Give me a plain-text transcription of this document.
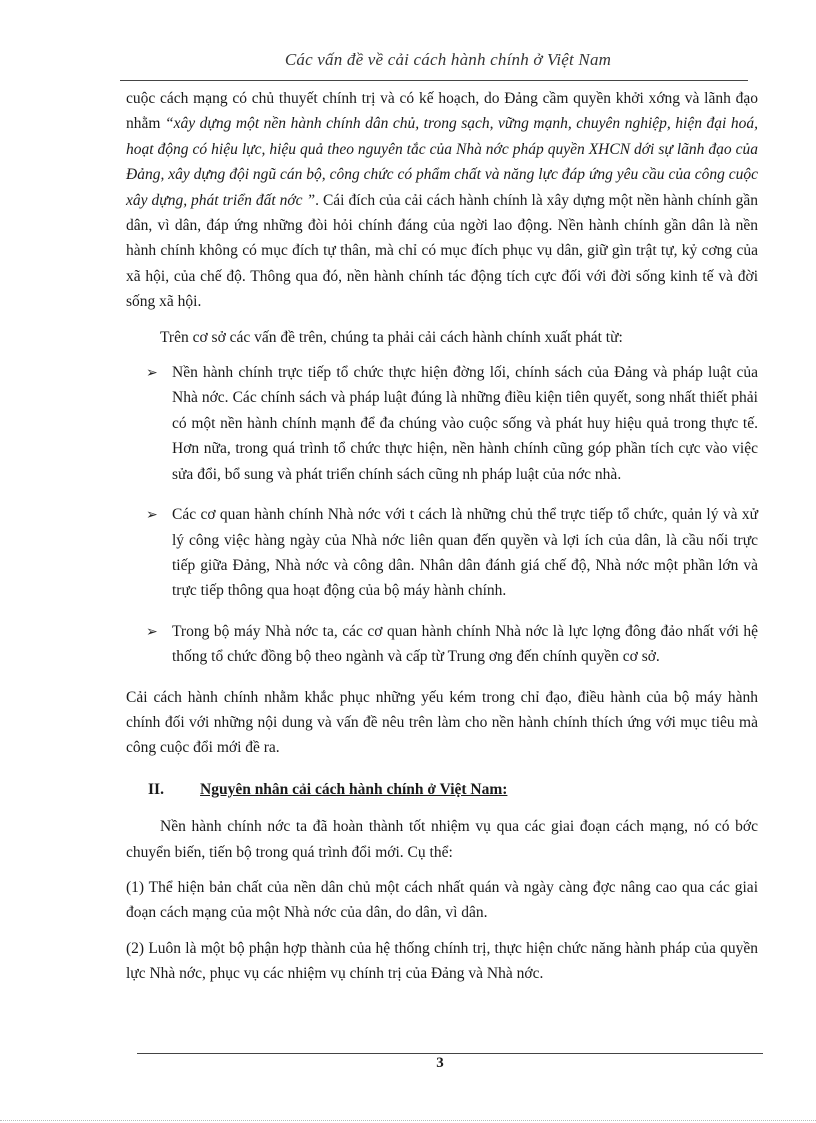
Các vấn đề về cải cách hành chính ở Việt Nam

cuộc cách mạng có chủ thuyết chính trị và có kế hoạch, do Đảng cầm quyền khởi xớng và lãnh đạo nhằm “xây dựng một nền hành chính dân chủ, trong sạch, vững mạnh, chuyên nghiệp, hiện đại hoá, hoạt động có hiệu lực, hiệu quả theo nguyên tắc của Nhà nớc pháp quyền XHCN dới sự lãnh đạo của Đảng, xây dựng đội ngũ cán bộ, công chức có phẩm chất và năng lực đáp ứng yêu cầu của công cuộc xây dựng, phát triển đất nớc ”. Cái đích của cải cách hành chính là xây dựng một nền hành chính gần dân, vì dân, đáp ứng những đòi hỏi chính đáng của ngời lao động. Nền hành chính gần dân là nền hành chính không có mục đích tự thân, mà chỉ có mục đích phục vụ dân, giữ gìn trật tự, kỷ cơng của xã hội, của chế độ. Thông qua đó, nền hành chính tác động tích cực đối với đời sống kinh tế và đời sống xã hội.

Trên cơ sở các vấn đề trên, chúng ta phải cải cách hành chính xuất phát từ:

➢ Nền hành chính trực tiếp tổ chức thực hiện đờng lối, chính sách của Đảng và pháp luật của Nhà nớc. Các chính sách và pháp luật đúng là những điều kiện tiên quyết, song nhất thiết phải có một nền hành chính mạnh để đa chúng vào cuộc sống và phát huy hiệu quả trong thực tế. Hơn nữa, trong quá trình tổ chức thực hiện, nền hành chính cũng góp phần tích cực vào việc sửa đổi, bổ sung và phát triển chính sách cũng nh pháp luật của nớc nhà.
➢ Các cơ quan hành chính Nhà nớc với t cách là những chủ thể trực tiếp tổ chức, quản lý và xử lý công việc hàng ngày của Nhà nớc liên quan đến quyền và lợi ích của dân, là cầu nối trực tiếp giữa Đảng, Nhà nớc và công dân. Nhân dân đánh giá chế độ, Nhà nớc một phần lớn và trực tiếp thông qua hoạt động của bộ máy hành chính.
➢ Trong bộ máy Nhà nớc ta, các cơ quan hành chính Nhà nớc là lực lợng đông đảo nhất với hệ thống tổ chức đồng bộ theo ngành và cấp từ Trung ơng đến chính quyền cơ sở.

Cải cách hành chính nhằm khắc phục những yếu kém trong chỉ đạo, điều hành của bộ máy hành chính đối với những nội dung và vấn đề nêu trên làm cho nền hành chính thích ứng với mục tiêu mà công cuộc đổi mới đề ra.

II.	Nguyên nhân cải cách hành chính ở Việt Nam:

Nền hành chính nớc ta đã hoàn thành tốt nhiệm vụ qua các giai đoạn cách mạng, nó có bớc chuyển biến, tiến bộ trong quá trình đổi mới. Cụ thể:

(1) Thể hiện bản chất của nền dân chủ một cách nhất quán và ngày càng đợc nâng cao qua các giai đoạn cách mạng của một Nhà nớc của dân, do dân, vì dân.

(2) Luôn là một bộ phận hợp thành của hệ thống chính trị, thực hiện chức năng hành pháp của quyền lực Nhà nớc, phục vụ các nhiệm vụ chính trị của Đảng và Nhà nớc.

3
